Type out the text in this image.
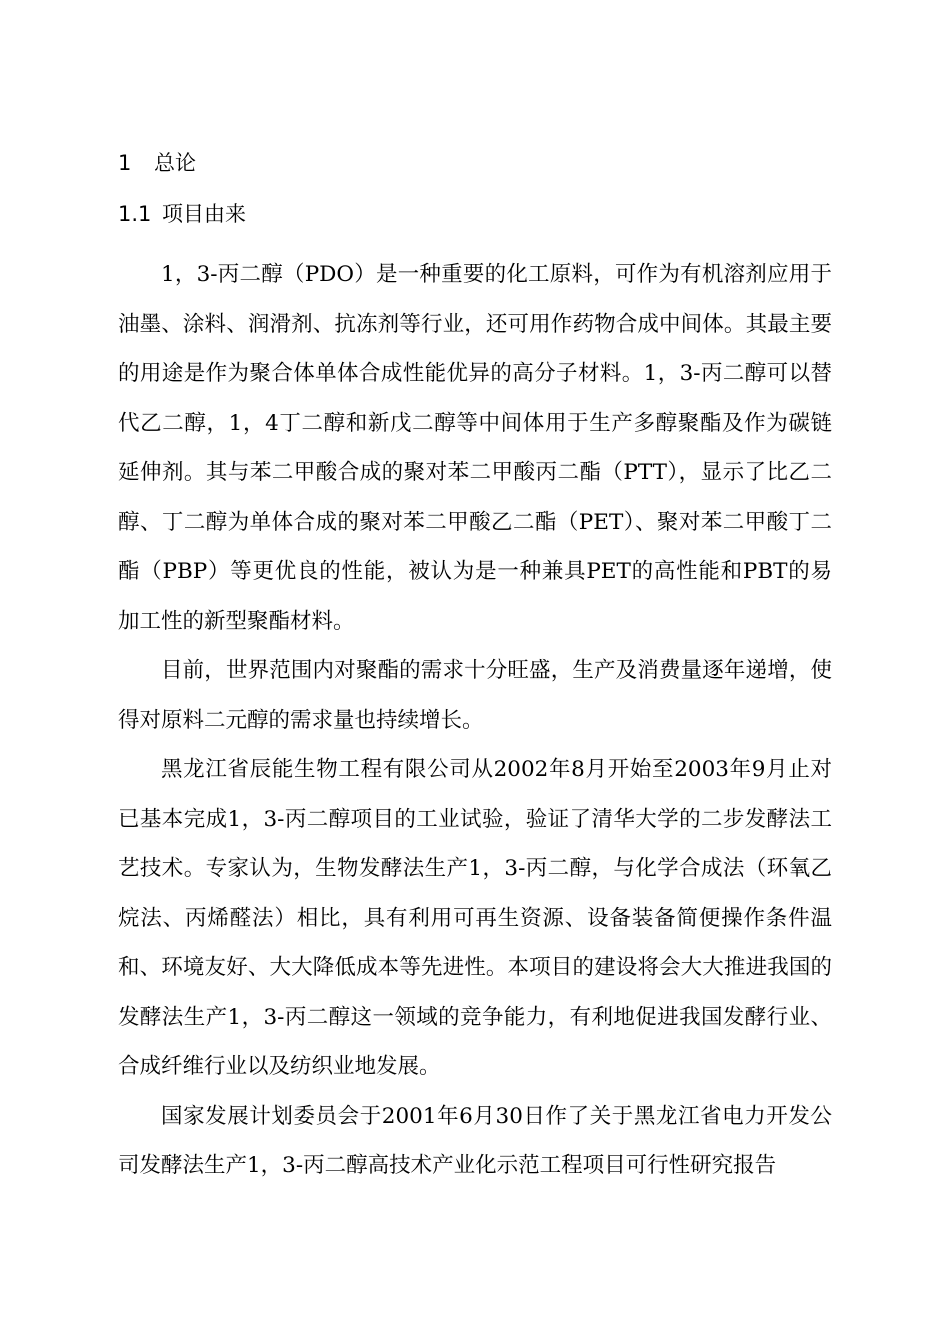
1 总论
1.1 项目由来

1，3-丙二醇（PDO）是一种重要的化工原料，可作为有机溶剂应用于油墨、涂料、润滑剂、抗冻剂等行业，还可用作药物合成中间体。其最主要的用途是作为聚合体单体合成性能优异的高分子材料。1，3-丙二醇可以替代乙二醇，1，4丁二醇和新戊二醇等中间体用于生产多醇聚酯及作为碳链延伸剂。其与苯二甲酸合成的聚对苯二甲酸丙二酯（PTT），显示了比乙二醇、丁二醇为单体合成的聚对苯二甲酸乙二酯（PET）、聚对苯二甲酸丁二酯（PBP）等更优良的性能，被认为是一种兼具PET的高性能和PBT的易加工性的新型聚酯材料。

目前，世界范围内对聚酯的需求十分旺盛，生产及消费量逐年递增，使得对原料二元醇的需求量也持续增长。

黑龙江省辰能生物工程有限公司从2002年8月开始至2003年9月止对已基本完成1，3-丙二醇项目的工业试验，验证了清华大学的二步发酵法工艺技术。专家认为，生物发酵法生产1，3-丙二醇，与化学合成法（环氧乙烷法、丙烯醛法）相比，具有利用可再生资源、设备装备简便操作条件温和、环境友好、大大降低成本等先进性。本项目的建设将会大大推进我国的发酵法生产1，3-丙二醇这一领域的竞争能力，有利地促进我国发酵行业、合成纤维行业以及纺织业地发展。

国家发展计划委员会于2001年6月30日作了关于黑龙江省电力开发公司发酵法生产1，3-丙二醇高技术产业化示范工程项目可行性研究报告
